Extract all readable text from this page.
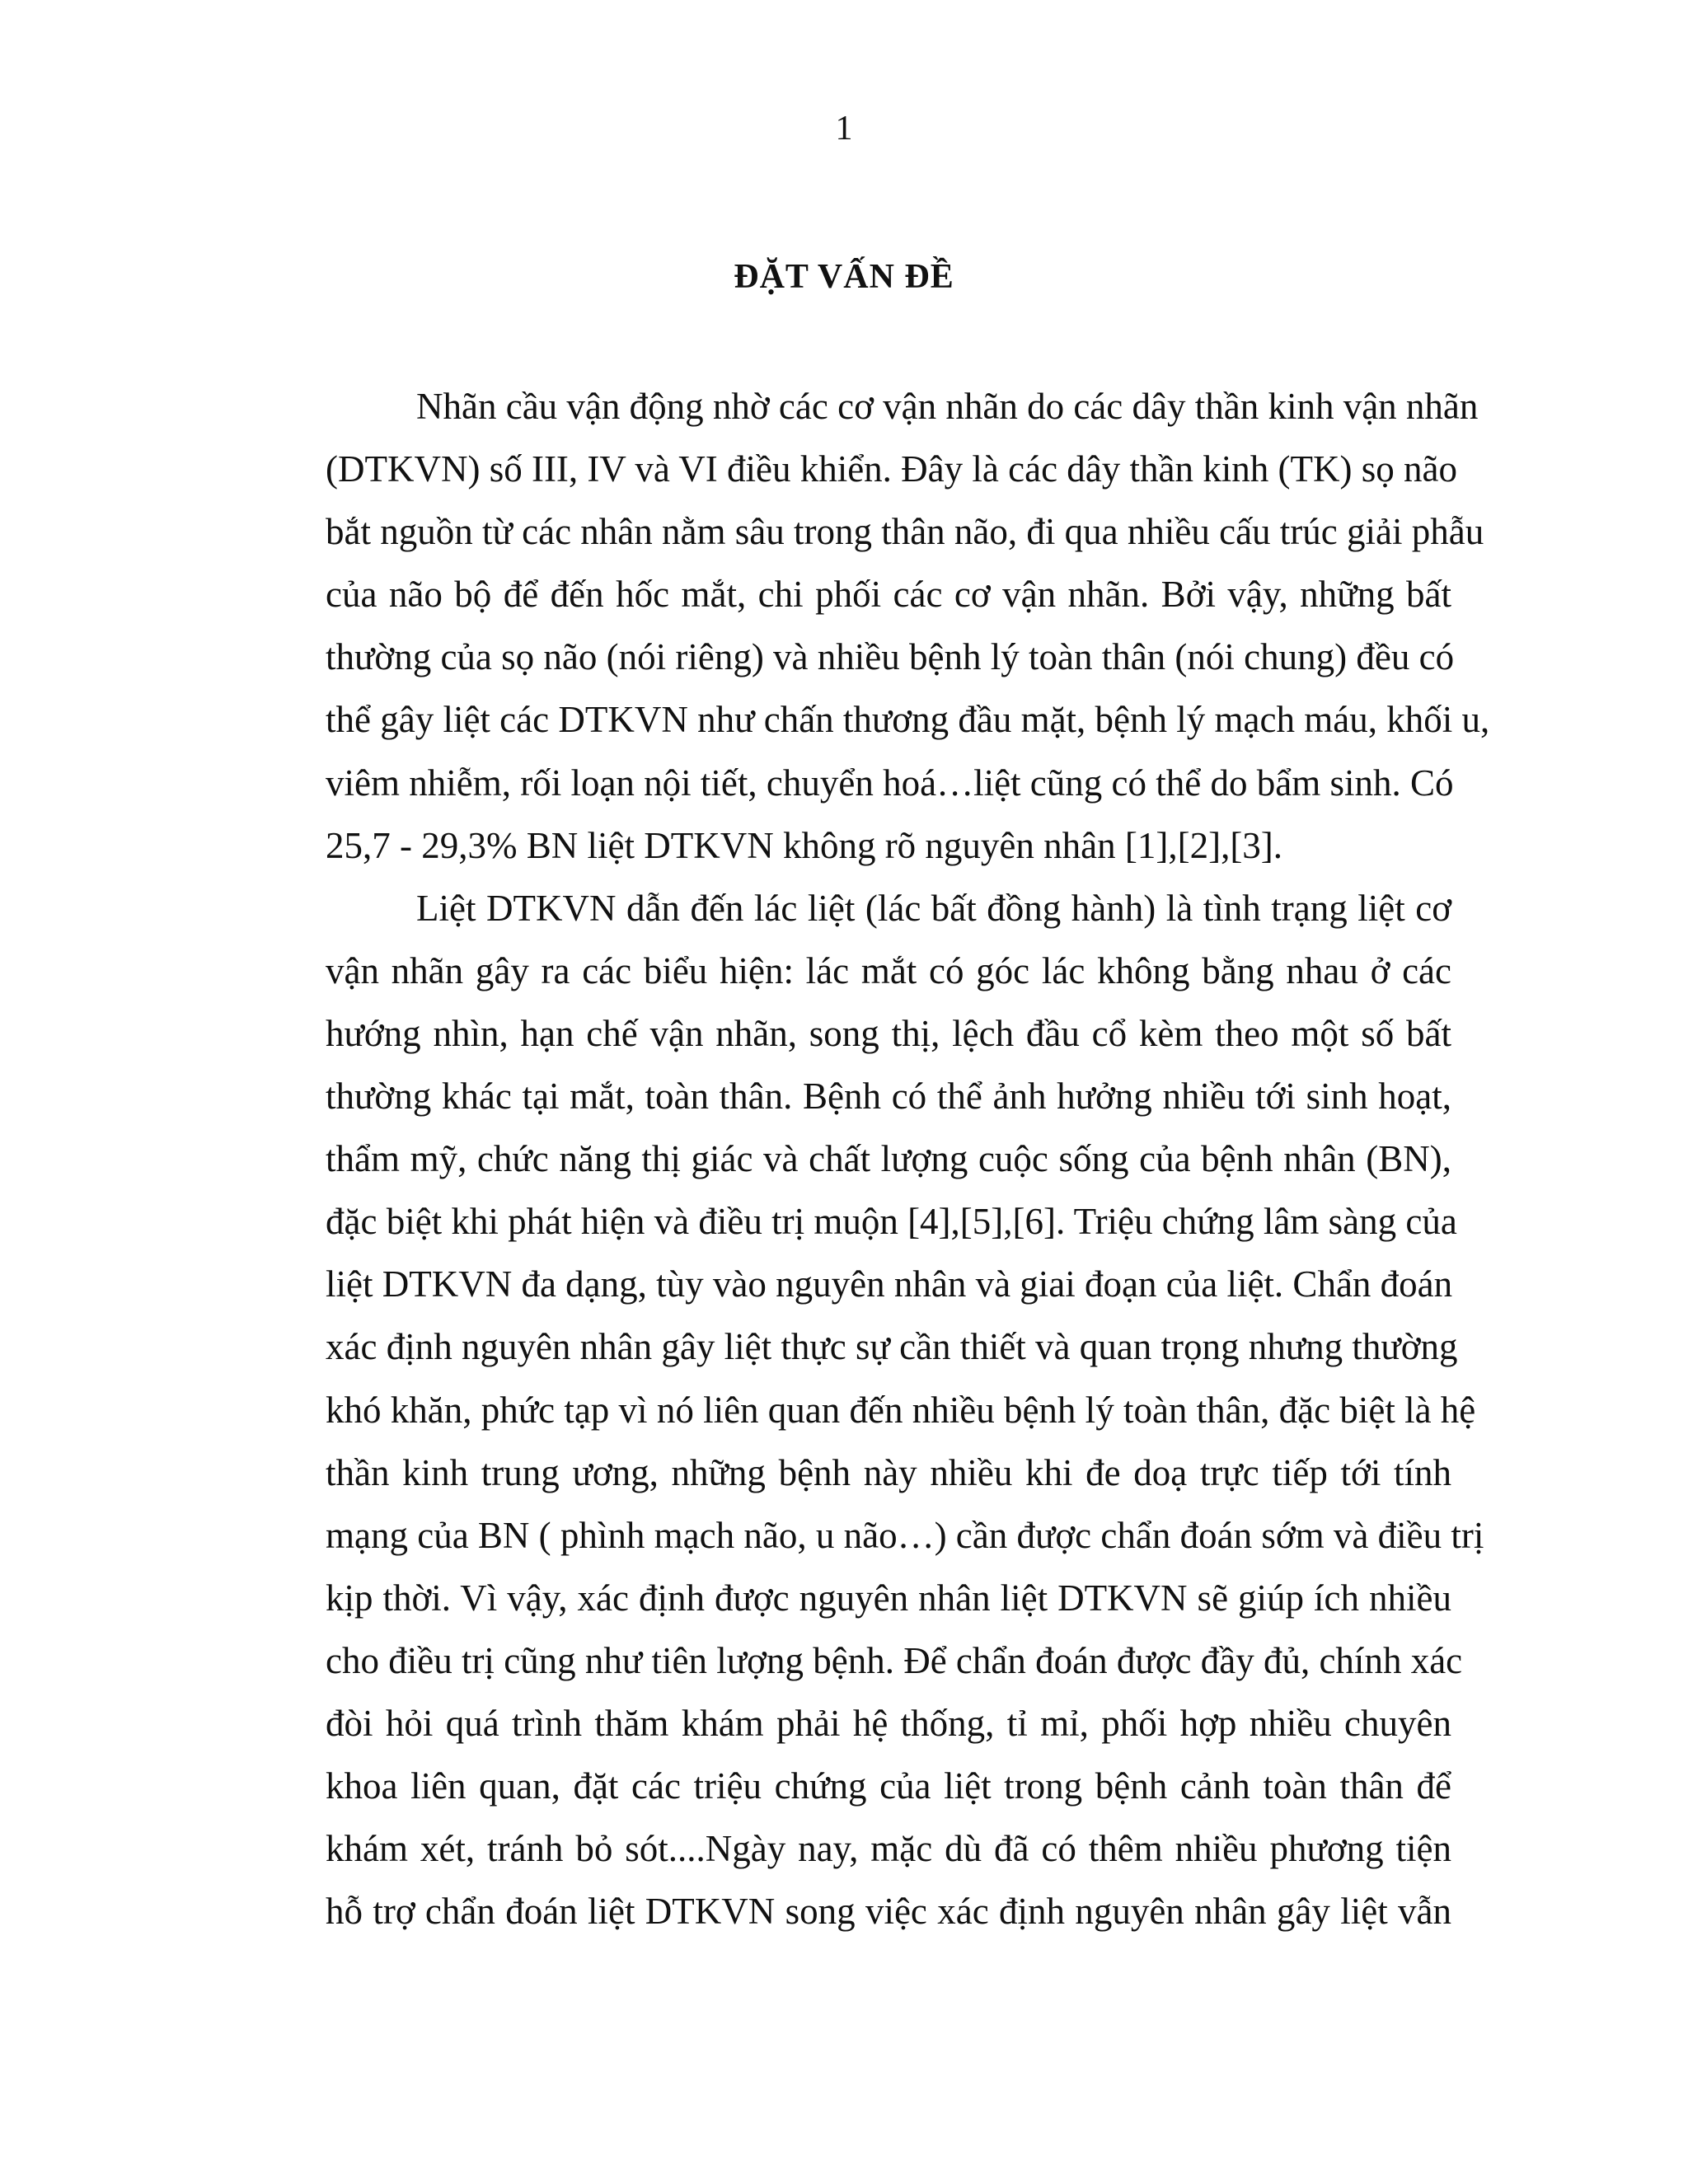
1
ĐẶT VẤN ĐỀ
Nhãn cầu vận động nhờ các cơ vận nhãn do các dây thần kinh vận nhãn
(DTKVN) số III, IV và VI điều khiển. Đây là các dây thần kinh (TK) sọ não
bắt nguồn từ các nhân nằm sâu trong thân não, đi qua nhiều cấu trúc giải phẫu
của não bộ để đến hốc mắt, chi phối các cơ vận nhãn. Bởi vậy, những bất
thường của sọ não (nói riêng) và nhiều bệnh lý toàn thân (nói chung) đều có
thể gây liệt các DTKVN như chấn thương đầu mặt, bệnh lý mạch máu, khối u,
viêm nhiễm, rối loạn nội tiết, chuyển hoá…liệt cũng có thể do bẩm sinh. Có
25,7 - 29,3% BN liệt DTKVN không rõ nguyên nhân [1],[2],[3].
Liệt DTKVN dẫn đến lác liệt (lác bất đồng hành) là tình trạng liệt cơ
vận nhãn gây ra các biểu hiện: lác mắt có góc lác không bằng nhau ở các
hướng nhìn, hạn chế vận nhãn, song thị, lệch đầu cổ kèm theo một số bất
thường khác tại mắt, toàn thân. Bệnh có thể ảnh hưởng nhiều tới sinh hoạt,
thẩm mỹ, chức năng thị giác và chất lượng cuộc sống của bệnh nhân (BN),
đặc biệt khi phát hiện và điều trị muộn [4],[5],[6]. Triệu chứng lâm sàng của
liệt DTKVN đa dạng, tùy vào nguyên nhân và giai đoạn của liệt. Chẩn đoán
xác định nguyên nhân gây liệt thực sự cần thiết và quan trọng nhưng thường
khó khăn, phức tạp vì nó liên quan đến nhiều bệnh lý toàn thân, đặc biệt là hệ
thần kinh trung ương, những bệnh này nhiều khi đe doạ trực tiếp tới tính
mạng của BN ( phình mạch não, u não…) cần được chẩn đoán sớm và điều trị
kịp thời. Vì vậy, xác định được nguyên nhân liệt DTKVN sẽ giúp ích nhiều
cho điều trị cũng như tiên lượng bệnh. Để chẩn đoán được đầy đủ, chính xác
đòi hỏi quá trình thăm khám phải hệ thống, tỉ mỉ, phối hợp nhiều chuyên
khoa liên quan, đặt các triệu chứng của liệt trong bệnh cảnh toàn thân để
khám xét, tránh bỏ sót....Ngày nay, mặc dù đã có thêm nhiều phương tiện
hỗ trợ chẩn đoán liệt DTKVN song việc xác định nguyên nhân gây liệt vẫn
